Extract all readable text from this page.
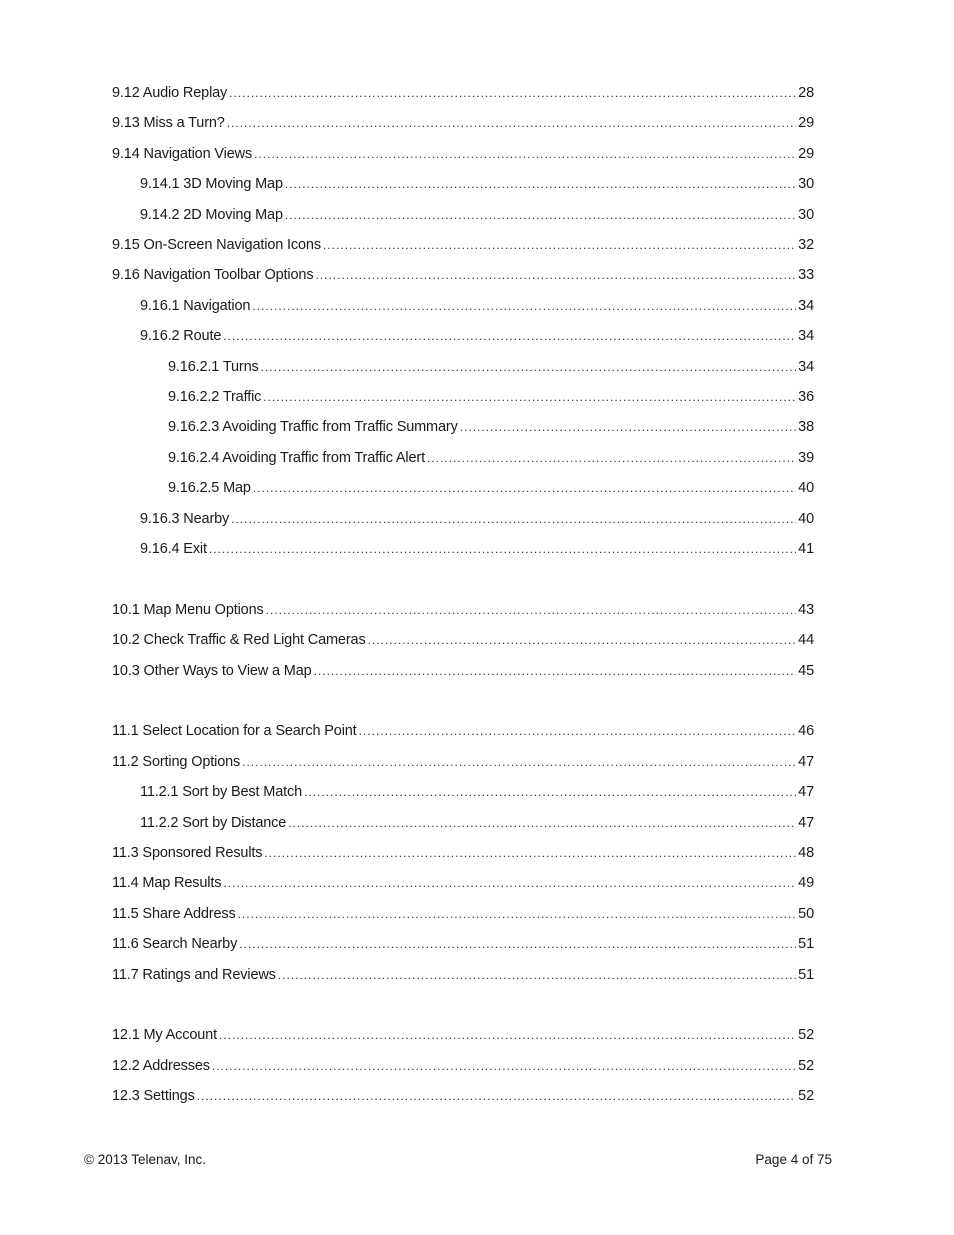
9.12 Audio Replay .....	28
9.13 Miss a Turn? .....	29
9.14 Navigation Views .....	29
9.14.1 3D Moving Map .....	30
9.14.2 2D Moving Map .....	30
9.15 On-Screen Navigation Icons .....	32
9.16 Navigation Toolbar Options .....	33
9.16.1 Navigation .....	34
9.16.2 Route .....	34
9.16.2.1 Turns .....	34
9.16.2.2 Traffic .....	36
9.16.2.3 Avoiding Traffic from Traffic Summary .....	38
9.16.2.4 Avoiding Traffic from Traffic Alert .....	39
9.16.2.5 Map .....	40
9.16.3 Nearby .....	40
9.16.4 Exit .....	41
10.1 Map Menu Options .....	43
10.2 Check Traffic & Red Light Cameras .....	44
10.3 Other Ways to View a Map .....	45
11.1 Select Location for a Search Point .....	46
11.2 Sorting Options .....	47
11.2.1 Sort by Best Match .....	47
11.2.2 Sort by Distance .....	47
11.3 Sponsored Results .....	48
11.4 Map Results .....	49
11.5 Share Address .....	50
11.6 Search Nearby .....	51
11.7 Ratings and Reviews .....	51
12.1 My Account .....	52
12.2 Addresses .....	52
12.3 Settings .....	52
© 2013 Telenav, Inc.	Page 4 of 75
